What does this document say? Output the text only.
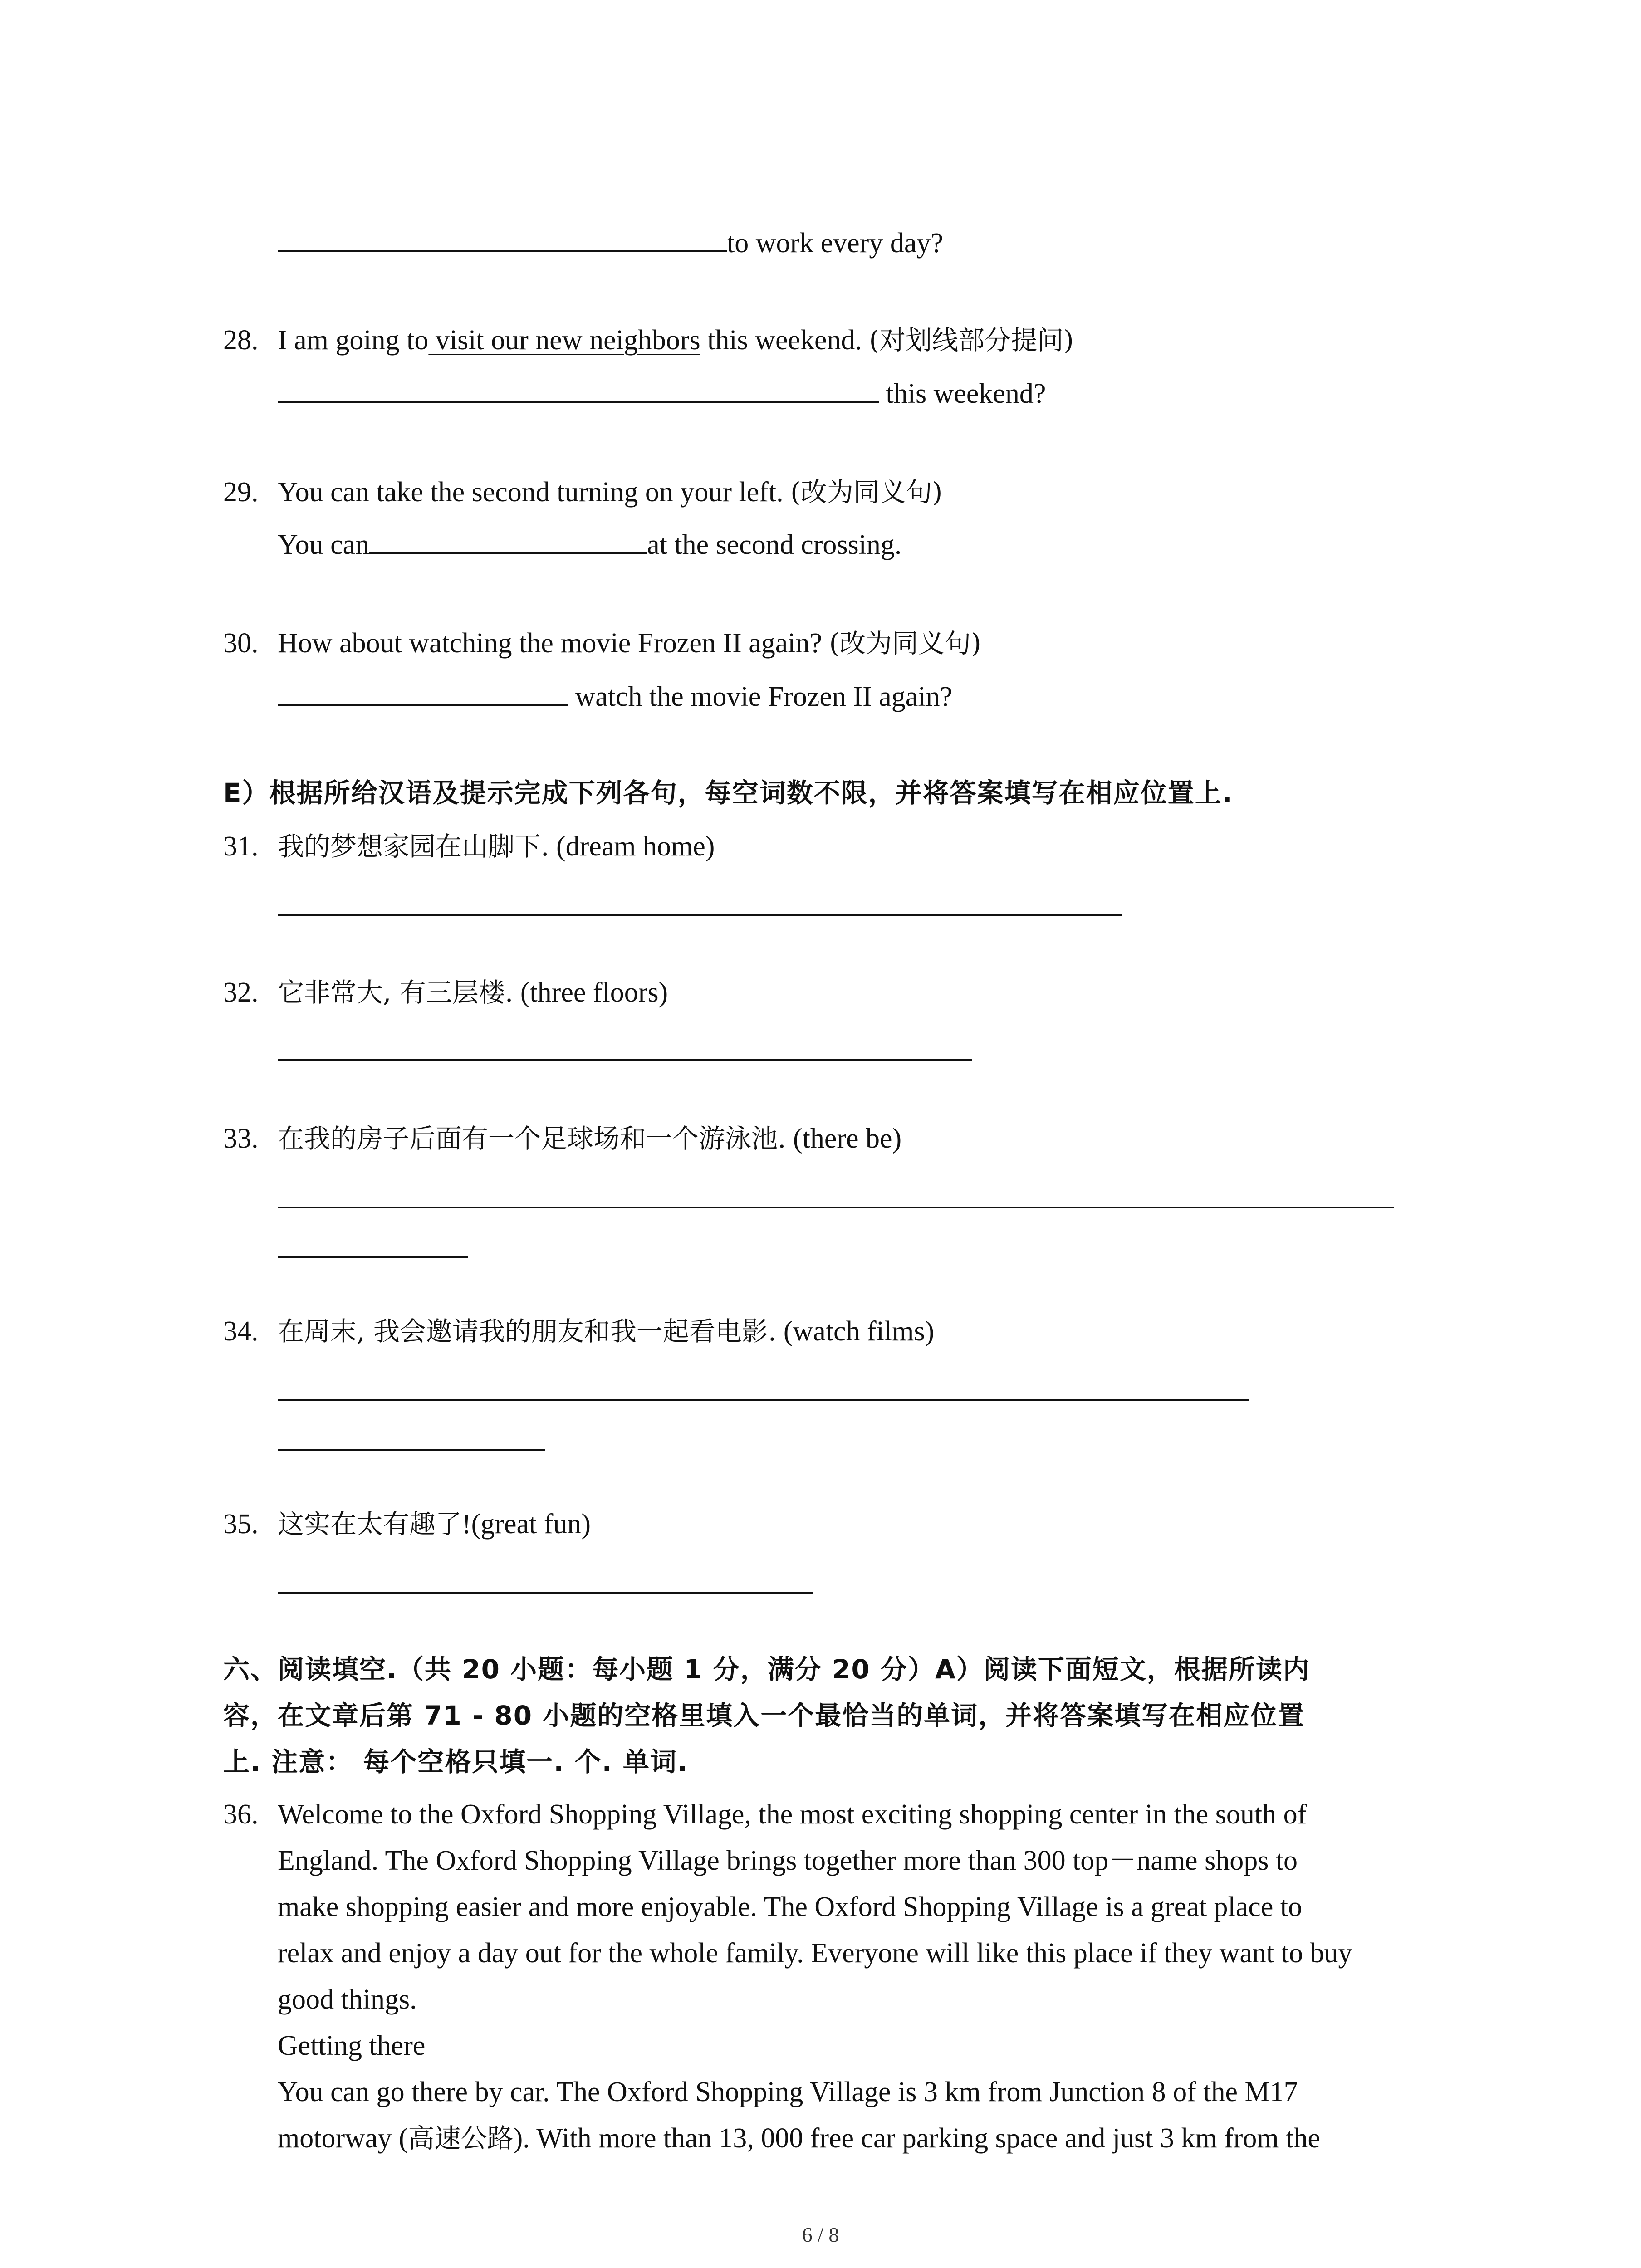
to work every day?
28. I am going to visit our new neighbors this weekend. (对划线部分提问)
this weekend?
29. You can take the second turning on your left. (改为同义句)
You can	at the second crossing.
30. How about watching the movie Frozen II again? (改为同义句)
watch the movie Frozen II again?
E）根据所给汉语及提示完成下列各句，每空词数不限，并将答案填写在相应位置上.
31. 我的梦想家园在山脚下. (dream home)
32. 它非常大, 有三层楼. (three floors)
33. 在我的房子后面有一个足球场和一个游泳池. (there be)
34. 在周末, 我会邀请我的朋友和我一起看电影. (watch films)
35. 这实在太有趣了!(great fun)
六、阅读填空.（共 20 小题：每小题 1 分，满分 20 分）A）阅读下面短文，根据所读内
容，在文章后第 71 - 80 小题的空格里填入一个最恰当的单词，并将答案填写在相应位置
上. 注意： 每个空格只填一. 个. 单词.
36. Welcome to the Oxford Shopping Village, the most exciting shopping center in the south of
England. The Oxford Shopping Village brings together more than 300 top－name shops to
make shopping easier and more enjoyable. The Oxford Shopping Village is a great place to
relax and enjoy a day out for the whole family. Everyone will like this place if they want to buy
good things.
Getting there
You can go there by car. The Oxford Shopping Village is 3 km from Junction 8 of the M17
motorway (高速公路). With more than 13, 000 free car parking space and just 3 km from the
6 / 8
